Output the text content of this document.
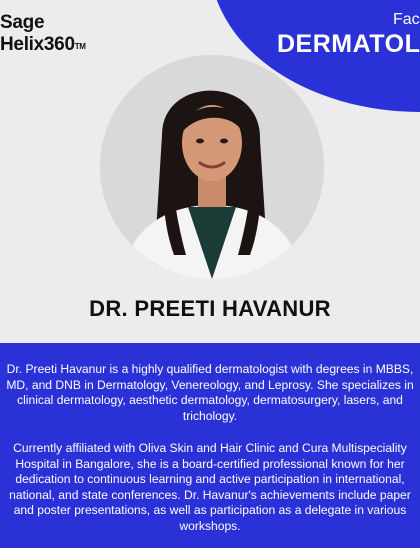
Sage
Helix360™
Fac
DERMATOL
DR. PREETI HAVANUR

Dr. Preeti Havanur is a highly qualified dermatologist with degrees in MBBS, MD, and DNB in Dermatology, Venereology, and Leprosy. She specializes in clinical dermatology, aesthetic dermatology, dermatosurgery, lasers, and trichology.

Currently affiliated with Oliva Skin and Hair Clinic and Cura Multispeciality Hospital in Bangalore, she is a board-certified professional known for her dedication to continuous learning and active participation in international, national, and state conferences. Dr. Havanur's achievements include paper and poster presentations, as well as participation as a delegate in various workshops.
